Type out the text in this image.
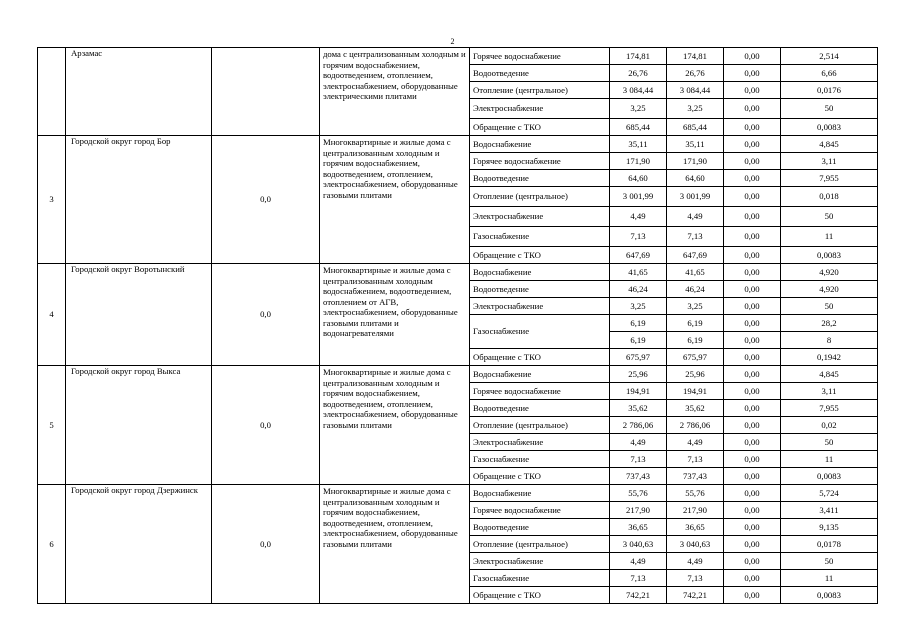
2
	Арзамас		дома с централизованным холодным и горячим водоснабжением, водоотведением, отоплением, электроснабжением, оборудованные электрическими плитами	Горячее водоснабжение	174,81	174,81	0,00	2,514
				Водоотведение	26,76	26,76	0,00	6,66
				Отопление (центральное)	3 084,44	3 084,44	0,00	0,0176
				Электроснабжение	3,25	3,25	0,00	50
				Обращение с ТКО	685,44	685,44	0,00	0,0083
3	Городской округ город Бор	0,0	Многоквартирные и жилые дома с централизованным холодным и горячим водоснабжением, водоотведением, отоплением, электроснабжением, оборудованные газовыми плитами	Водоснабжение	35,11	35,11	0,00	4,845
				Горячее водоснабжение	171,90	171,90	0,00	3,11
				Водоотведение	64,60	64,60	0,00	7,955
				Отопление (центральное)	3 001,99	3 001,99	0,00	0,018
				Электроснабжение	4,49	4,49	0,00	50
				Газоснабжение	7,13	7,13	0,00	11
				Обращение с ТКО	647,69	647,69	0,00	0,0083
4	Городской округ Воротынский	0,0	Многоквартирные и жилые дома с централизованным холодным водоснабжением, водоотведением, отоплением от АГВ, электроснабжением, оборудованные газовыми плитами и водонагревателями	Водоснабжение	41,65	41,65	0,00	4,920
				Водоотведение	46,24	46,24	0,00	4,920
				Электроснабжение	3,25	3,25	0,00	50
				Газоснабжение	6,19	6,19	0,00	28,2
					6,19	6,19	0,00	8
				Обращение с ТКО	675,97	675,97	0,00	0,1942
5	Городской округ город Выкса	0,0	Многоквартирные и жилые дома с централизованным холодным и горячим водоснабжением, водоотведением, отоплением, электроснабжением, оборудованные газовыми плитами	Водоснабжение	25,96	25,96	0,00	4,845
				Горячее водоснабжение	194,91	194,91	0,00	3,11
				Водоотведение	35,62	35,62	0,00	7,955
				Отопление (центральное)	2 786,06	2 786,06	0,00	0,02
				Электроснабжение	4,49	4,49	0,00	50
				Газоснабжение	7,13	7,13	0,00	11
				Обращение с ТКО	737,43	737,43	0,00	0,0083
6	Городской округ город Дзержинск	0,0	Многоквартирные и жилые дома с централизованным холодным и горячим водоснабжением, водоотведением, отоплением, электроснабжением, оборудованные газовыми плитами	Водоснабжение	55,76	55,76	0,00	5,724
				Горячее водоснабжение	217,90	217,90	0,00	3,411
				Водоотведение	36,65	36,65	0,00	9,135
				Отопление (центральное)	3 040,63	3 040,63	0,00	0,0178
				Электроснабжение	4,49	4,49	0,00	50
				Газоснабжение	7,13	7,13	0,00	11
				Обращение с ТКО	742,21	742,21	0,00	0,0083
